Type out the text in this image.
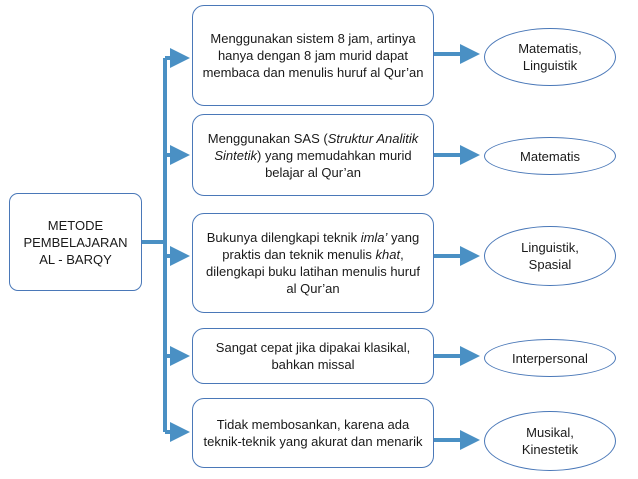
METODE
PEMBELAJARAN
AL - BARQY
Menggunakan sistem 8 jam, artinya hanya dengan 8 jam murid dapat membaca dan menulis huruf al Qur’an
Menggunakan SAS (Struktur Analitik Sintetik) yang memudahkan murid belajar al Qur’an
Bukunya dilengkapi teknik imla’ yang praktis dan teknik menulis khat, dilengkapi buku latihan menulis huruf al Qur’an
Sangat cepat jika dipakai klasikal, bahkan missal
Tidak membosankan, karena ada teknik-teknik yang akurat dan menarik
Matematis,
Linguistik
Matematis
Linguistik,
Spasial
Interpersonal
Musikal,
Kinestetik
